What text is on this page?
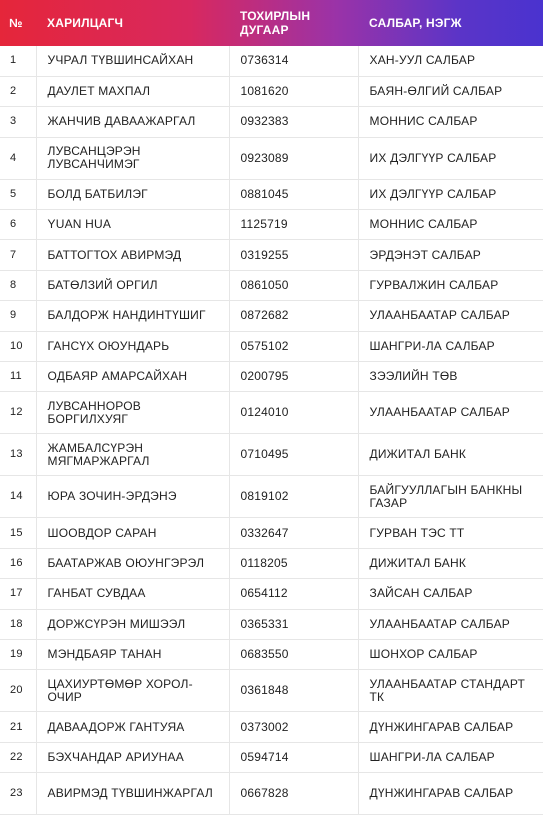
№	ХАРИЛЦАГЧ	ТОХИРЛЫН ДУГААР	САЛБАР, НЭГЖ
1	УЧРАЛ ТҮВШИНСАЙХАН	0736314	ХАН-УУЛ САЛБАР
2	ДАУЛЕТ МАХПАЛ	1081620	БАЯН-ӨЛГИЙ САЛБАР
3	ЖАНЧИВ ДАВААЖАРГАЛ	0932383	МОННИС САЛБАР
4	ЛУВСАНЦЭРЭН ЛУВСАНЧИМЭГ	0923089	ИХ ДЭЛГҮҮР САЛБАР
5	БОЛД БАТБИЛЭГ	0881045	ИХ ДЭЛГҮҮР САЛБАР
6	YUAN HUA	1125719	МОННИС САЛБАР
7	БАТТОГТОХ АВИРМЭД	0319255	ЭРДЭНЭТ САЛБАР
8	БАТӨЛЗИЙ ОРГИЛ	0861050	ГУРВАЛЖИН САЛБАР
9	БАЛДОРЖ НАНДИНТҮШИГ	0872682	УЛААНБААТАР САЛБАР
10	ГАНСҮХ ОЮУНДАРЬ	0575102	ШАНГРИ-ЛА САЛБАР
11	ОДБАЯР АМАРСАЙХАН	0200795	ЗЭЭЛИЙН ТӨВ
12	ЛУВСАННОРОВ БОРГИЛХУЯГ	0124010	УЛААНБААТАР САЛБАР
13	ЖАМБАЛСҮРЭН МЯГМАРЖАРГАЛ	0710495	ДИЖИТАЛ БАНК
14	ЮРА ЗОЧИН-ЭРДЭНЭ	0819102	БАЙГУУЛЛАГЫН БАНКНЫ ГАЗАР
15	ШООВДОР САРАН	0332647	ГУРВАН ТЭС ТТ
16	БААТАРЖАВ ОЮУНГЭРЭЛ	0118205	ДИЖИТАЛ БАНК
17	ГАНБАТ СУВДАА	0654112	ЗАЙСАН САЛБАР
18	ДОРЖСҮРЭН МИШЭЭЛ	0365331	УЛААНБААТАР САЛБАР
19	МЭНДБАЯР ТАНАН	0683550	ШОНХОР САЛБАР
20	ЦАХИУРТӨМӨР ХОРОЛ-ОЧИР	0361848	УЛААНБААТАР СТАНДАРТ ТК
21	ДАВААДОРЖ ГАНТУЯА	0373002	ДҮНЖИНГАРАВ САЛБАР
22	БЭХЧАНДАР АРИУНАА	0594714	ШАНГРИ-ЛА САЛБАР
23	АВИРМЭД ТҮВШИНЖАРГАЛ	0667828	ДҮНЖИНГАРАВ САЛБАР
